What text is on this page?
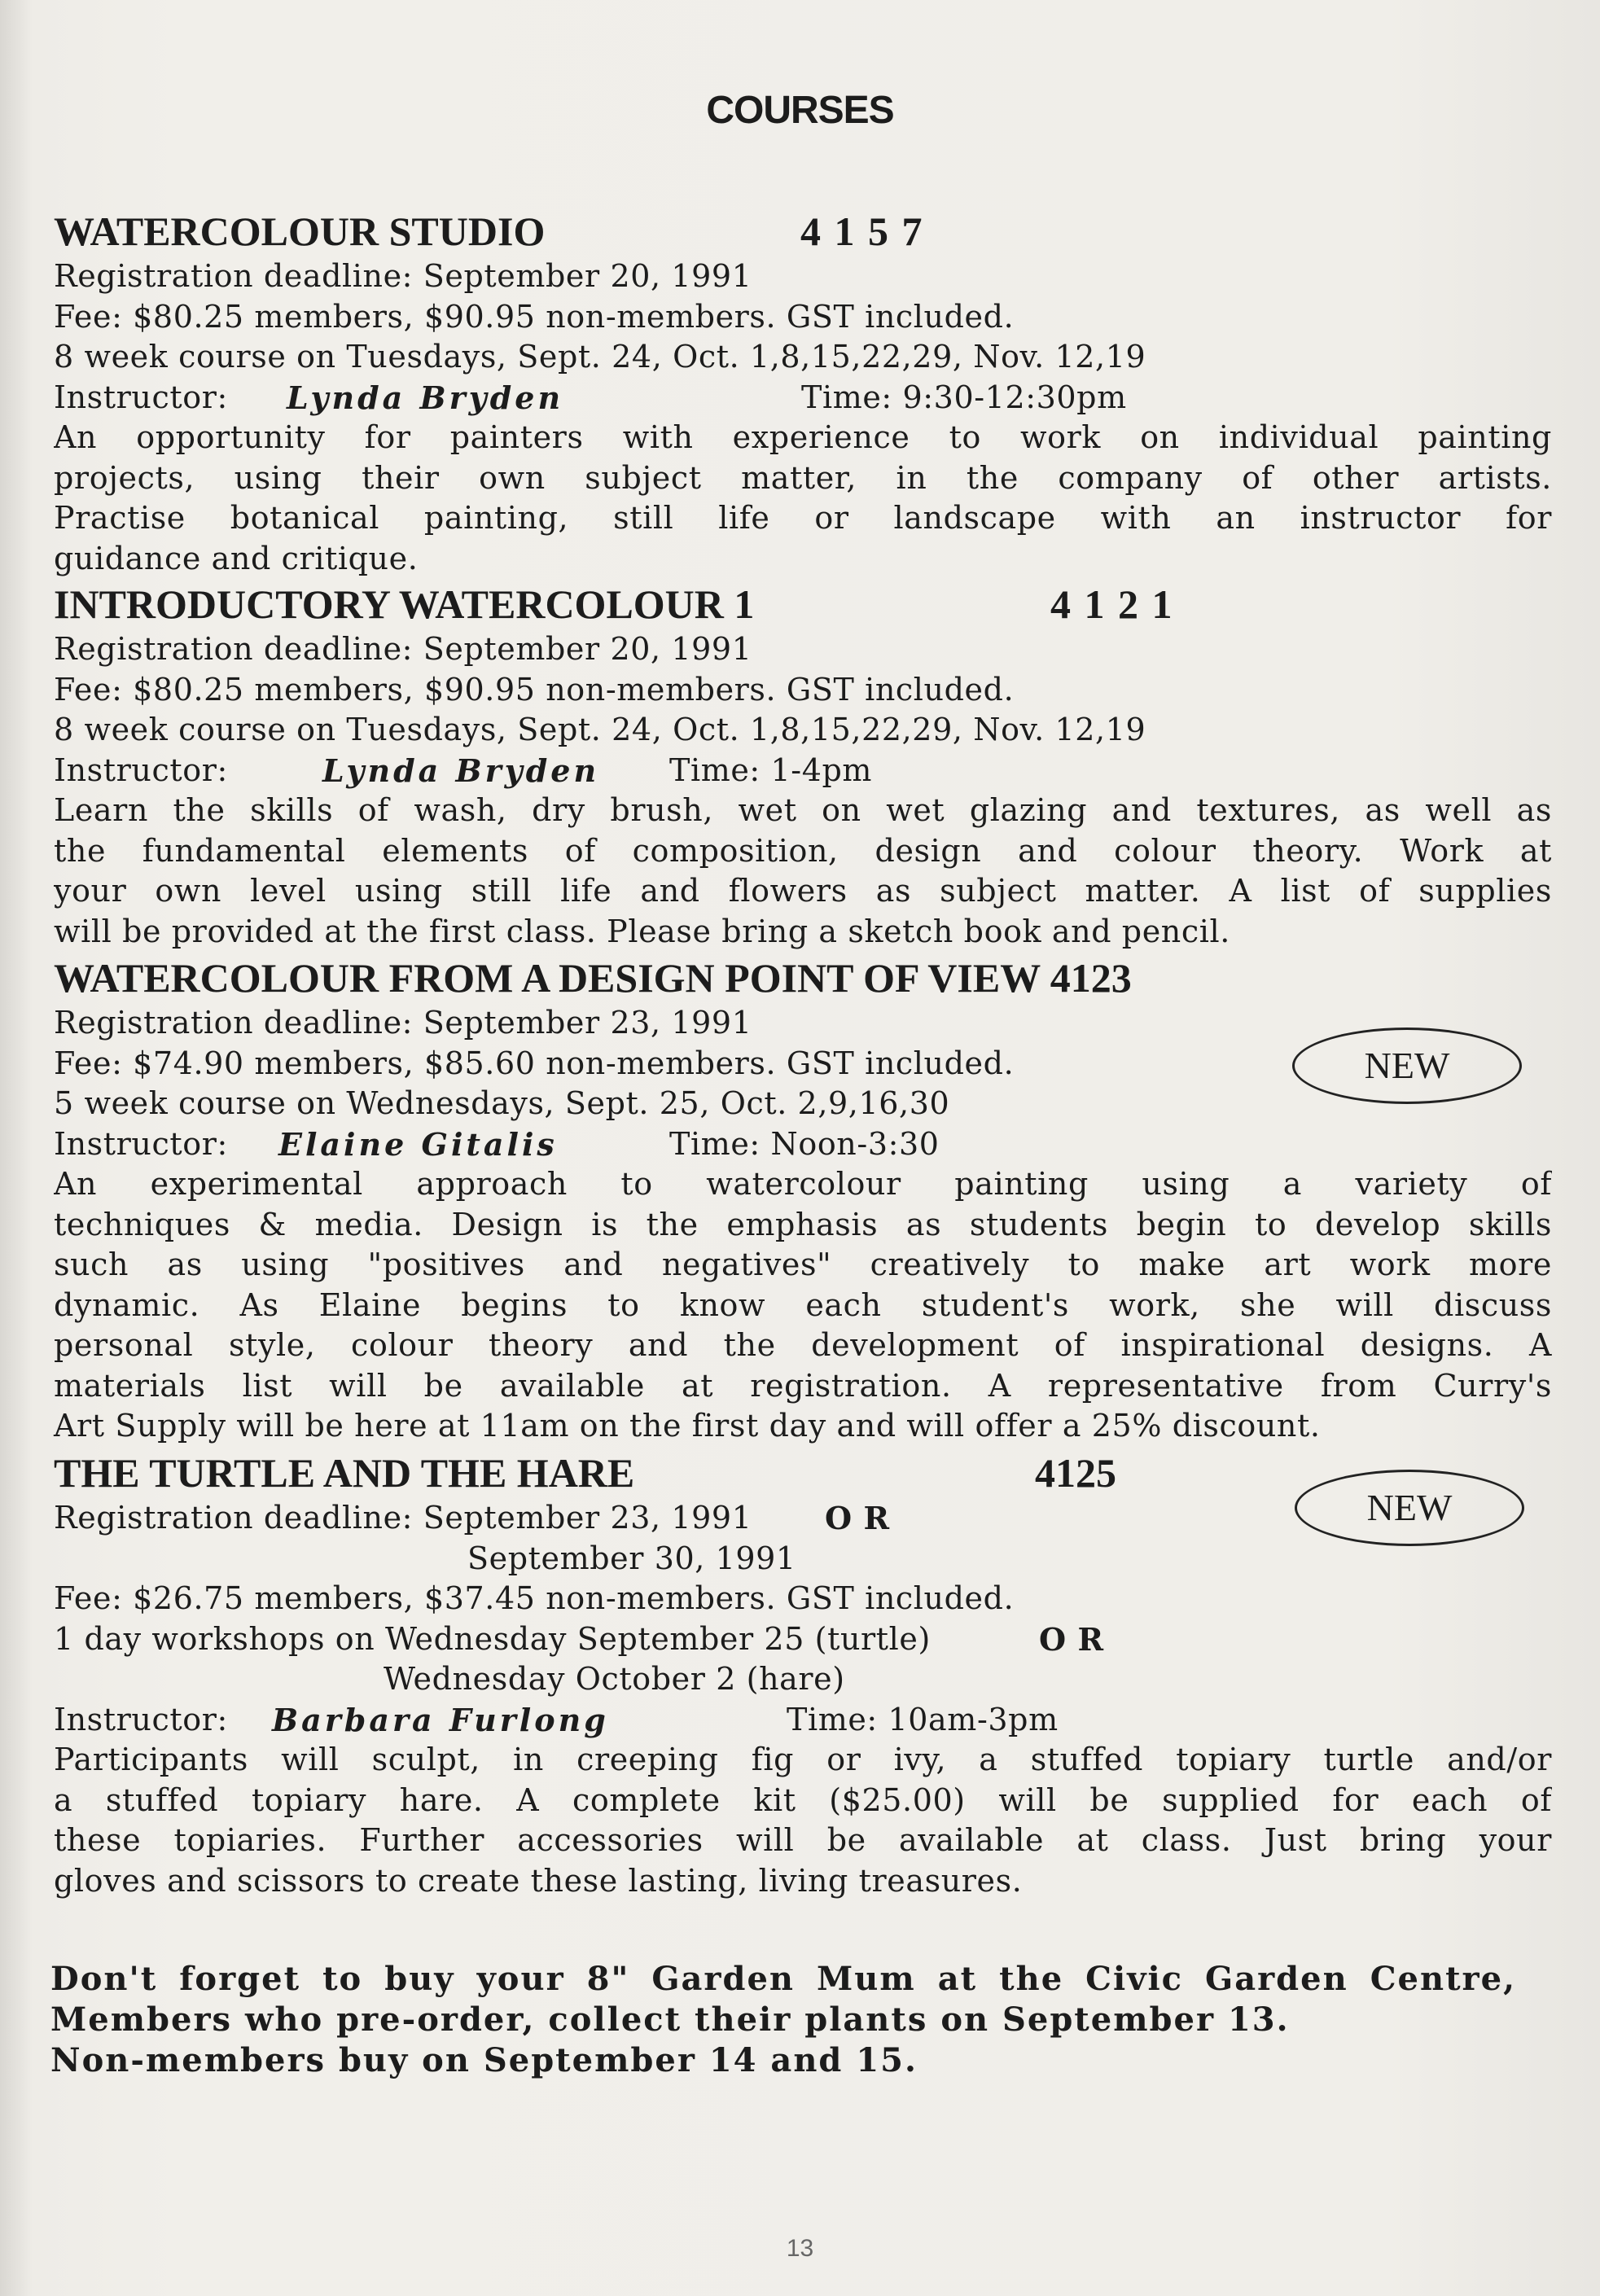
COURSES
WATERCOLOUR STUDIO	4 1 5 7
Registration deadline: September 20, 1991
Fee: $80.25 members, $90.95 non-members. GST included.
8 week course on Tuesdays, Sept. 24, Oct. 1,8,15,22,29, Nov. 12,19
Instructor: Lynda Bryden	Time: 9:30-12:30pm
An opportunity for painters with experience to work on individual painting
projects, using their own subject matter, in the company of other artists.
Practise botanical painting, still life or landscape with an instructor for
guidance and critique.
INTRODUCTORY WATERCOLOUR 1	4 1 2 1
Registration deadline: September 20, 1991
Fee: $80.25 members, $90.95 non-members. GST included.
8 week course on Tuesdays, Sept. 24, Oct. 1,8,15,22,29, Nov. 12,19
Instructor:	Lynda Bryden Time: 1-4pm
Learn the skills of wash, dry brush, wet on wet glazing and textures, as well as
the fundamental elements of composition, design and colour theory. Work at
your own level using still life and flowers as subject matter. A list of supplies
will be provided at the first class. Please bring a sketch book and pencil.
WATERCOLOUR FROM A DESIGN POINT OF VIEW 4123
Registration deadline: September 23, 1991
Fee: $74.90 members, $85.60 non-members. GST included.
5 week course on Wednesdays, Sept. 25, Oct. 2,9,16,30
Instructor: Elaine Gitalis	Time: Noon-3:30
An experimental approach to watercolour painting using a variety of
techniques & media. Design is the emphasis as students begin to develop skills
such as using "positives and negatives" creatively to make art work more
dynamic. As Elaine begins to know each student's work, she will discuss
personal style, colour theory and the development of inspirational designs. A
materials list will be available at registration. A representative from Curry's
Art Supply will be here at 11am on the first day and will offer a 25% discount.
NEW
THE TURTLE AND THE HARE	4125
Registration deadline: September 23, 1991 O R
September 30, 1991
Fee: $26.75 members, $37.45 non-members. GST included.
1 day workshops on Wednesday September 25 (turtle)	O R
Wednesday October 2 (hare)
Instructor: Barbara Furlong	Time: 10am-3pm
Participants will sculpt, in creeping fig or ivy, a stuffed topiary turtle and/or
a stuffed topiary hare. A complete kit ($25.00) will be supplied for each of
these topiaries. Further accessories will be available at class. Just bring your
gloves and scissors to create these lasting, living treasures.
NEW
Don't forget to buy your 8" Garden Mum at the Civic Garden Centre,
Members who pre-order, collect their plants on September 13.
Non-members buy on September 14 and 15.
13
